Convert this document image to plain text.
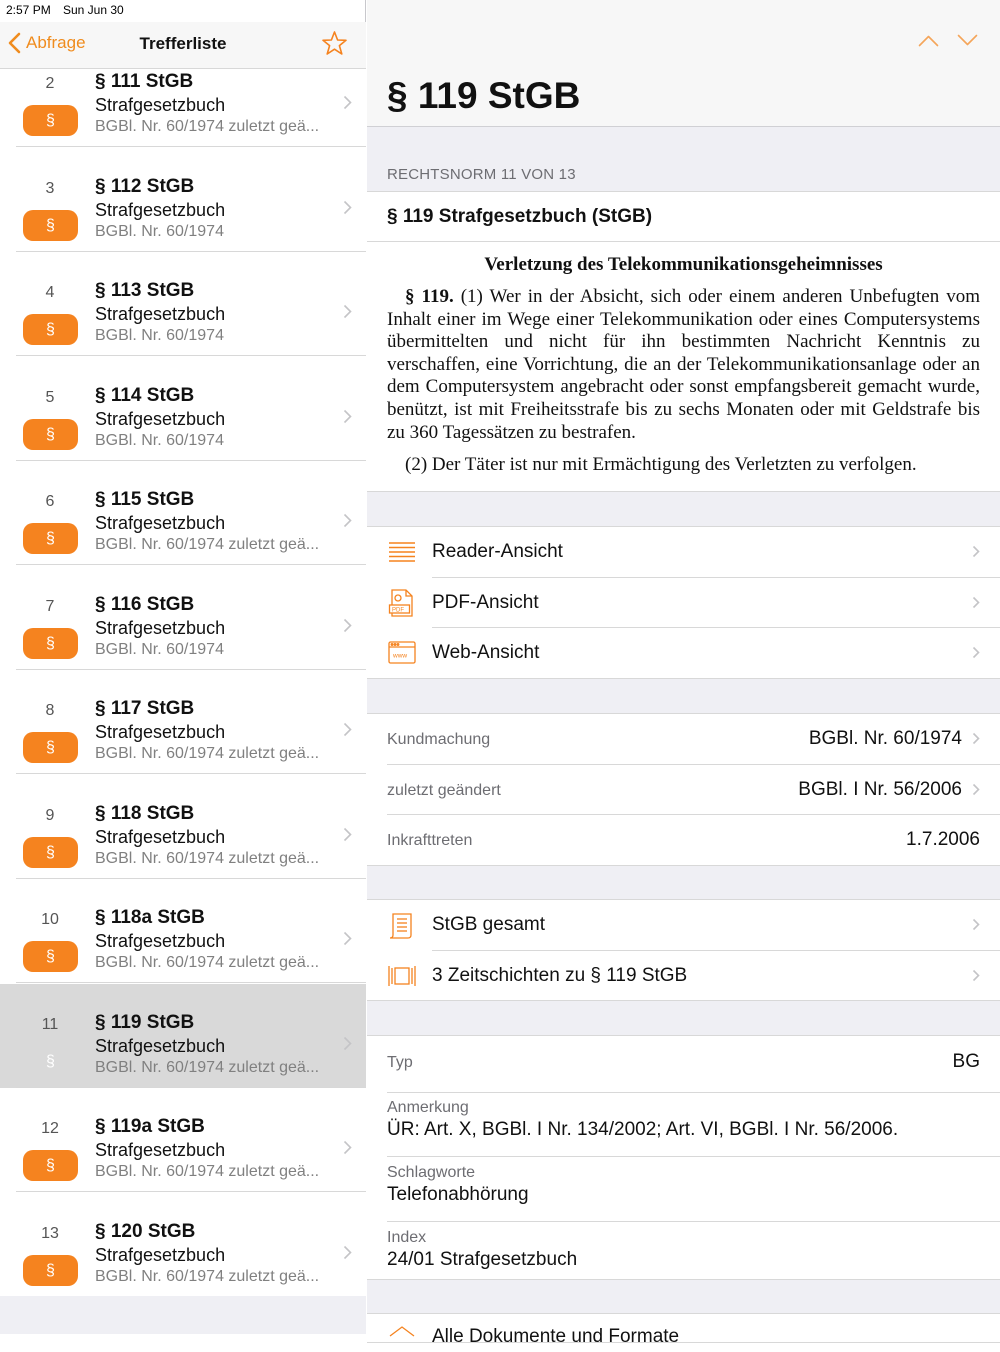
Abfrage	Trefferliste
2
§
§ 111 StGB
Strafgesetzbuch
BGBl. Nr. 60/1974 zuletzt geä...
3
§
§ 112 StGB
Strafgesetzbuch
BGBl. Nr. 60/1974
4
§
§ 113 StGB
Strafgesetzbuch
BGBl. Nr. 60/1974
5
§
§ 114 StGB
Strafgesetzbuch
BGBl. Nr. 60/1974
6
§
§ 115 StGB
Strafgesetzbuch
BGBl. Nr. 60/1974 zuletzt geä...
7
§
§ 116 StGB
Strafgesetzbuch
BGBl. Nr. 60/1974
8
§
§ 117 StGB
Strafgesetzbuch
BGBl. Nr. 60/1974 zuletzt geä...
9
§
§ 118 StGB
Strafgesetzbuch
BGBl. Nr. 60/1974 zuletzt geä...
10
§
§ 118a StGB
Strafgesetzbuch
BGBl. Nr. 60/1974 zuletzt geä...
11
§
§ 119 StGB
Strafgesetzbuch
BGBl. Nr. 60/1974 zuletzt geä...
12
§
§ 119a StGB
Strafgesetzbuch
BGBl. Nr. 60/1974 zuletzt geä...
13
§
§ 120 StGB
Strafgesetzbuch
BGBl. Nr. 60/1974 zuletzt geä...
2:57 PM Sun Jun 30
§ 119 StGB
RECHTSNORM 11 VON 13
§ 119 Strafgesetzbuch (StGB)
Verletzung des Telekommunikationsgeheimnisses

§ 119. (1) Wer in der Absicht, sich oder einem anderen Unbefugten vom Inhalt einer im Wege einer Telekommunikation oder eines Computersystems übermittelten und nicht für ihn bestimmten Nachricht Kenntnis zu verschaffen, eine Vorrichtung, die an der Telekommunikationsanlage oder an dem Computersystem angebracht oder sonst empfangsbereit gemacht wurde, benützt, ist mit Freiheitsstrafe bis zu sechs Monaten oder mit Geldstrafe bis zu 360 Tagessätzen zu bestrafen.

(2) Der Täter ist nur mit Ermächtigung des Verletzten zu verfolgen.

Reader-Ansicht
PDF PDF-Ansicht
www Web-Ansicht
Kundmachung	BGBl. Nr. 60/1974
zuletzt geändert	BGBl. I Nr. 56/2006
Inkrafttreten	1.7.2006
StGB gesamt
3 Zeitschichten zu § 119 StGB
Typ	BG
Anmerkung
ÜR: Art. X, BGBl. I Nr. 134/2002; Art. VI, BGBl. I Nr. 56/2006.
Schlagworte
Telefonabhörung
Index
24/01 Strafgesetzbuch
Alle Dokumente und Formate
